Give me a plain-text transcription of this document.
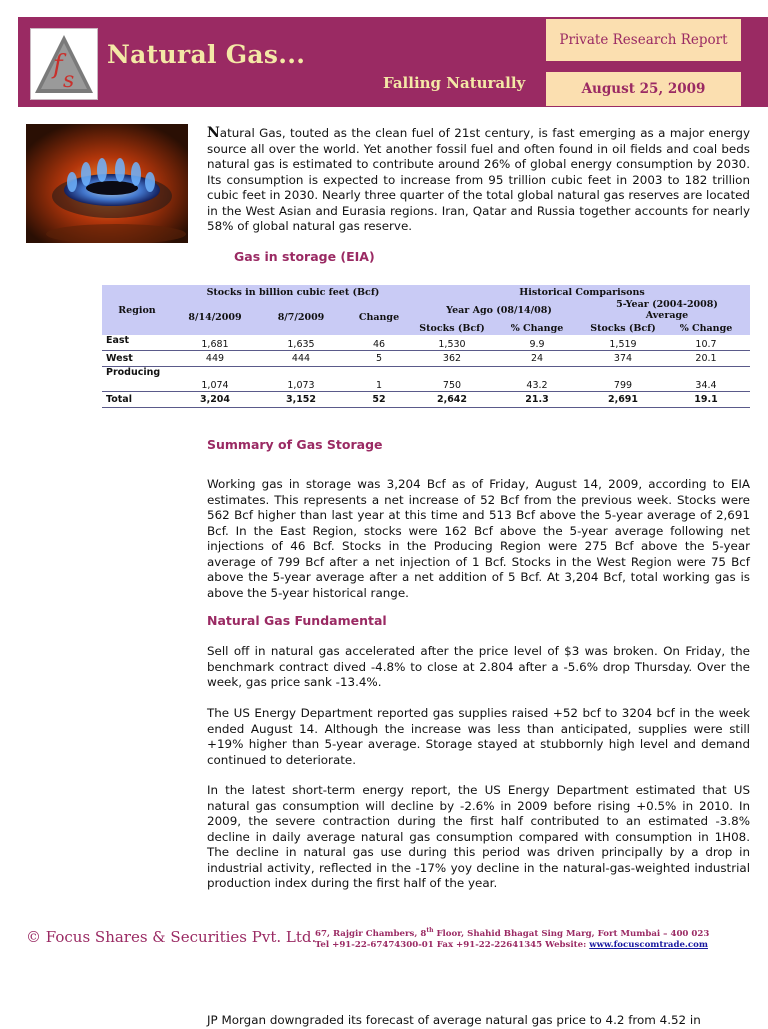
f
s
Natural Gas...
Falling Naturally
Private Research Report
August 25, 2009
Natural Gas, touted as the clean fuel of 21st century, is fast emerging as a major energy source all over the world. Yet another fossil fuel and often found in oil fields and coal beds natural gas is estimated to contribute around 26% of global energy consumption by 2030. Its consumption is expected to increase from 95 trillion cubic feet in 2003 to 182 trillion cubic feet in 2030. Nearly three quarter of the total global natural gas reserves are located in the West Asian and Eurasia regions. Iran, Qatar and Russia together accounts for nearly 58% of global natural gas reserve.
Gas in storage (EIA)
Region	Stocks in billion cubic feet (Bcf)			Historical Comparisons			
	8/14/2009	8/7/2009	Change	Year Ago (08/14/08)		5-Year (2004-2008)
Average	
				Stocks (Bcf)	% Change	Stocks (Bcf)	% Change
East	1,681	1,635	46	1,530	9.9	1,519	10.7
West	449	444	5	362	24	374	20.1
Producing	1,074	1,073	1	750	43.2	799	34.4
Total	3,204	3,152	52	2,642	21.3	2,691	19.1
Summary of Gas Storage
Working gas in storage was 3,204 Bcf as of Friday, August 14, 2009, according to EIA estimates. This represents a net increase of 52 Bcf from the previous week. Stocks were 562 Bcf higher than last year at this time and 513 Bcf above the 5-year average of 2,691 Bcf. In the East Region, stocks were 162 Bcf above the 5-year average following net injections of 46 Bcf. Stocks in the Producing Region were 275 Bcf above the 5-year average of 799 Bcf after a net injection of 1 Bcf. Stocks in the West Region were 75 Bcf above the 5-year average after a net addition of 5 Bcf. At 3,204 Bcf, total working gas is above the 5-year historical range.
Natural Gas Fundamental
Sell off in natural gas accelerated after the price level of $3 was broken. On Friday, the benchmark contract dived -4.8% to close at 2.804 after a -5.6% drop Thursday. Over the week, gas price sank -13.4%.
The US Energy Department reported gas supplies raised +52 bcf to 3204 bcf in the week ended August 14. Although the increase was less than anticipated, supplies were still +19% higher than 5-year average. Storage stayed at stubbornly high level and demand continued to deteriorate.
In the latest short-term energy report, the US Energy Department estimated that US natural gas consumption will decline by -2.6% in 2009 before rising +0.5% in 2010. In 2009, the severe contraction during the first half contributed to an estimated -3.8% decline in daily average natural gas consumption compared with consumption in 1H08. The decline in natural gas use during this period was driven principally by a drop in industrial activity, reflected in the -17% yoy decline in the natural-gas-weighted industrial production index during the first half of the year.
© Focus Shares & Securities Pvt. Ltd.
67, Rajgir Chambers, 8th Floor, Shahid Bhagat Sing Marg, Fort Mumbai – 400 023
Tel +91-22-67474300-01 Fax +91-22-22641345 Website: www.focuscomtrade.com
JP Morgan downgraded its forecast of average natural gas price to 4.2 from 4.52 in
